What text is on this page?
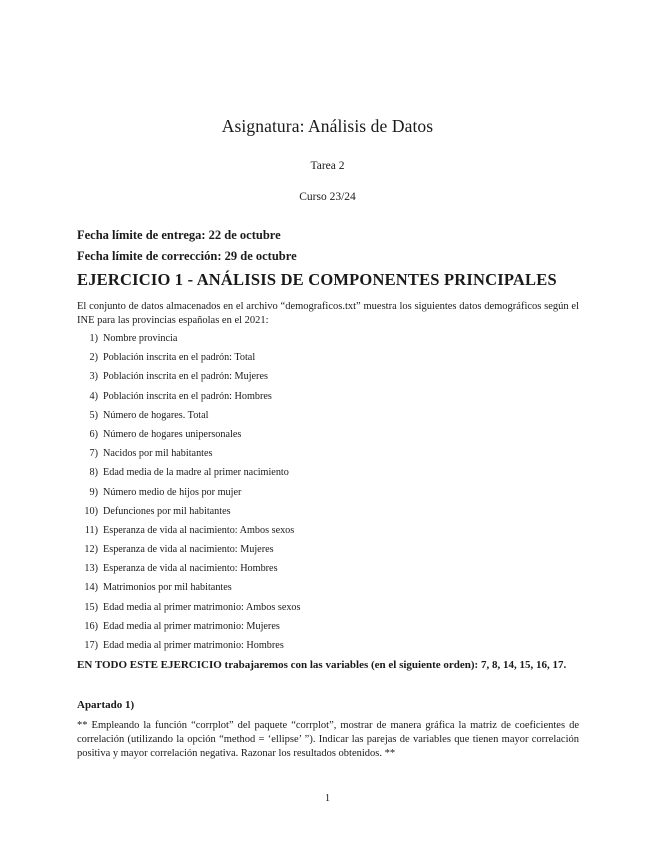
Asignatura: Análisis de Datos
Tarea 2
Curso 23/24
Fecha límite de entrega: 22 de octubre
Fecha límite de corrección: 29 de octubre
EJERCICIO 1 - ANÁLISIS DE COMPONENTES PRINCIPALES
El conjunto de datos almacenados en el archivo “demograficos.txt” muestra los siguientes datos demográficos según el INE para las provincias españolas en el 2021:
1) Nombre provincia
2) Población inscrita en el padrón: Total
3) Población inscrita en el padrón: Mujeres
4) Población inscrita en el padrón: Hombres
5) Número de hogares. Total
6) Número de hogares unipersonales
7) Nacidos por mil habitantes
8) Edad media de la madre al primer nacimiento
9) Número medio de hijos por mujer
10) Defunciones por mil habitantes
11) Esperanza de vida al nacimiento: Ambos sexos
12) Esperanza de vida al nacimiento: Mujeres
13) Esperanza de vida al nacimiento: Hombres
14) Matrimonios por mil habitantes
15) Edad media al primer matrimonio: Ambos sexos
16) Edad media al primer matrimonio: Mujeres
17) Edad media al primer matrimonio: Hombres
EN TODO ESTE EJERCICIO trabajaremos con las variables (en el siguiente orden): 7, 8, 14, 15, 16, 17.
Apartado 1)
** Empleando la función “corrplot” del paquete “corrplot”, mostrar de manera gráfica la matriz de coeficientes de correlación (utilizando la opción “method = ‘ellipse’ ”). Indicar las parejas de variables que tienen mayor correlación positiva y mayor correlación negativa. Razonar los resultados obtenidos. **
1
